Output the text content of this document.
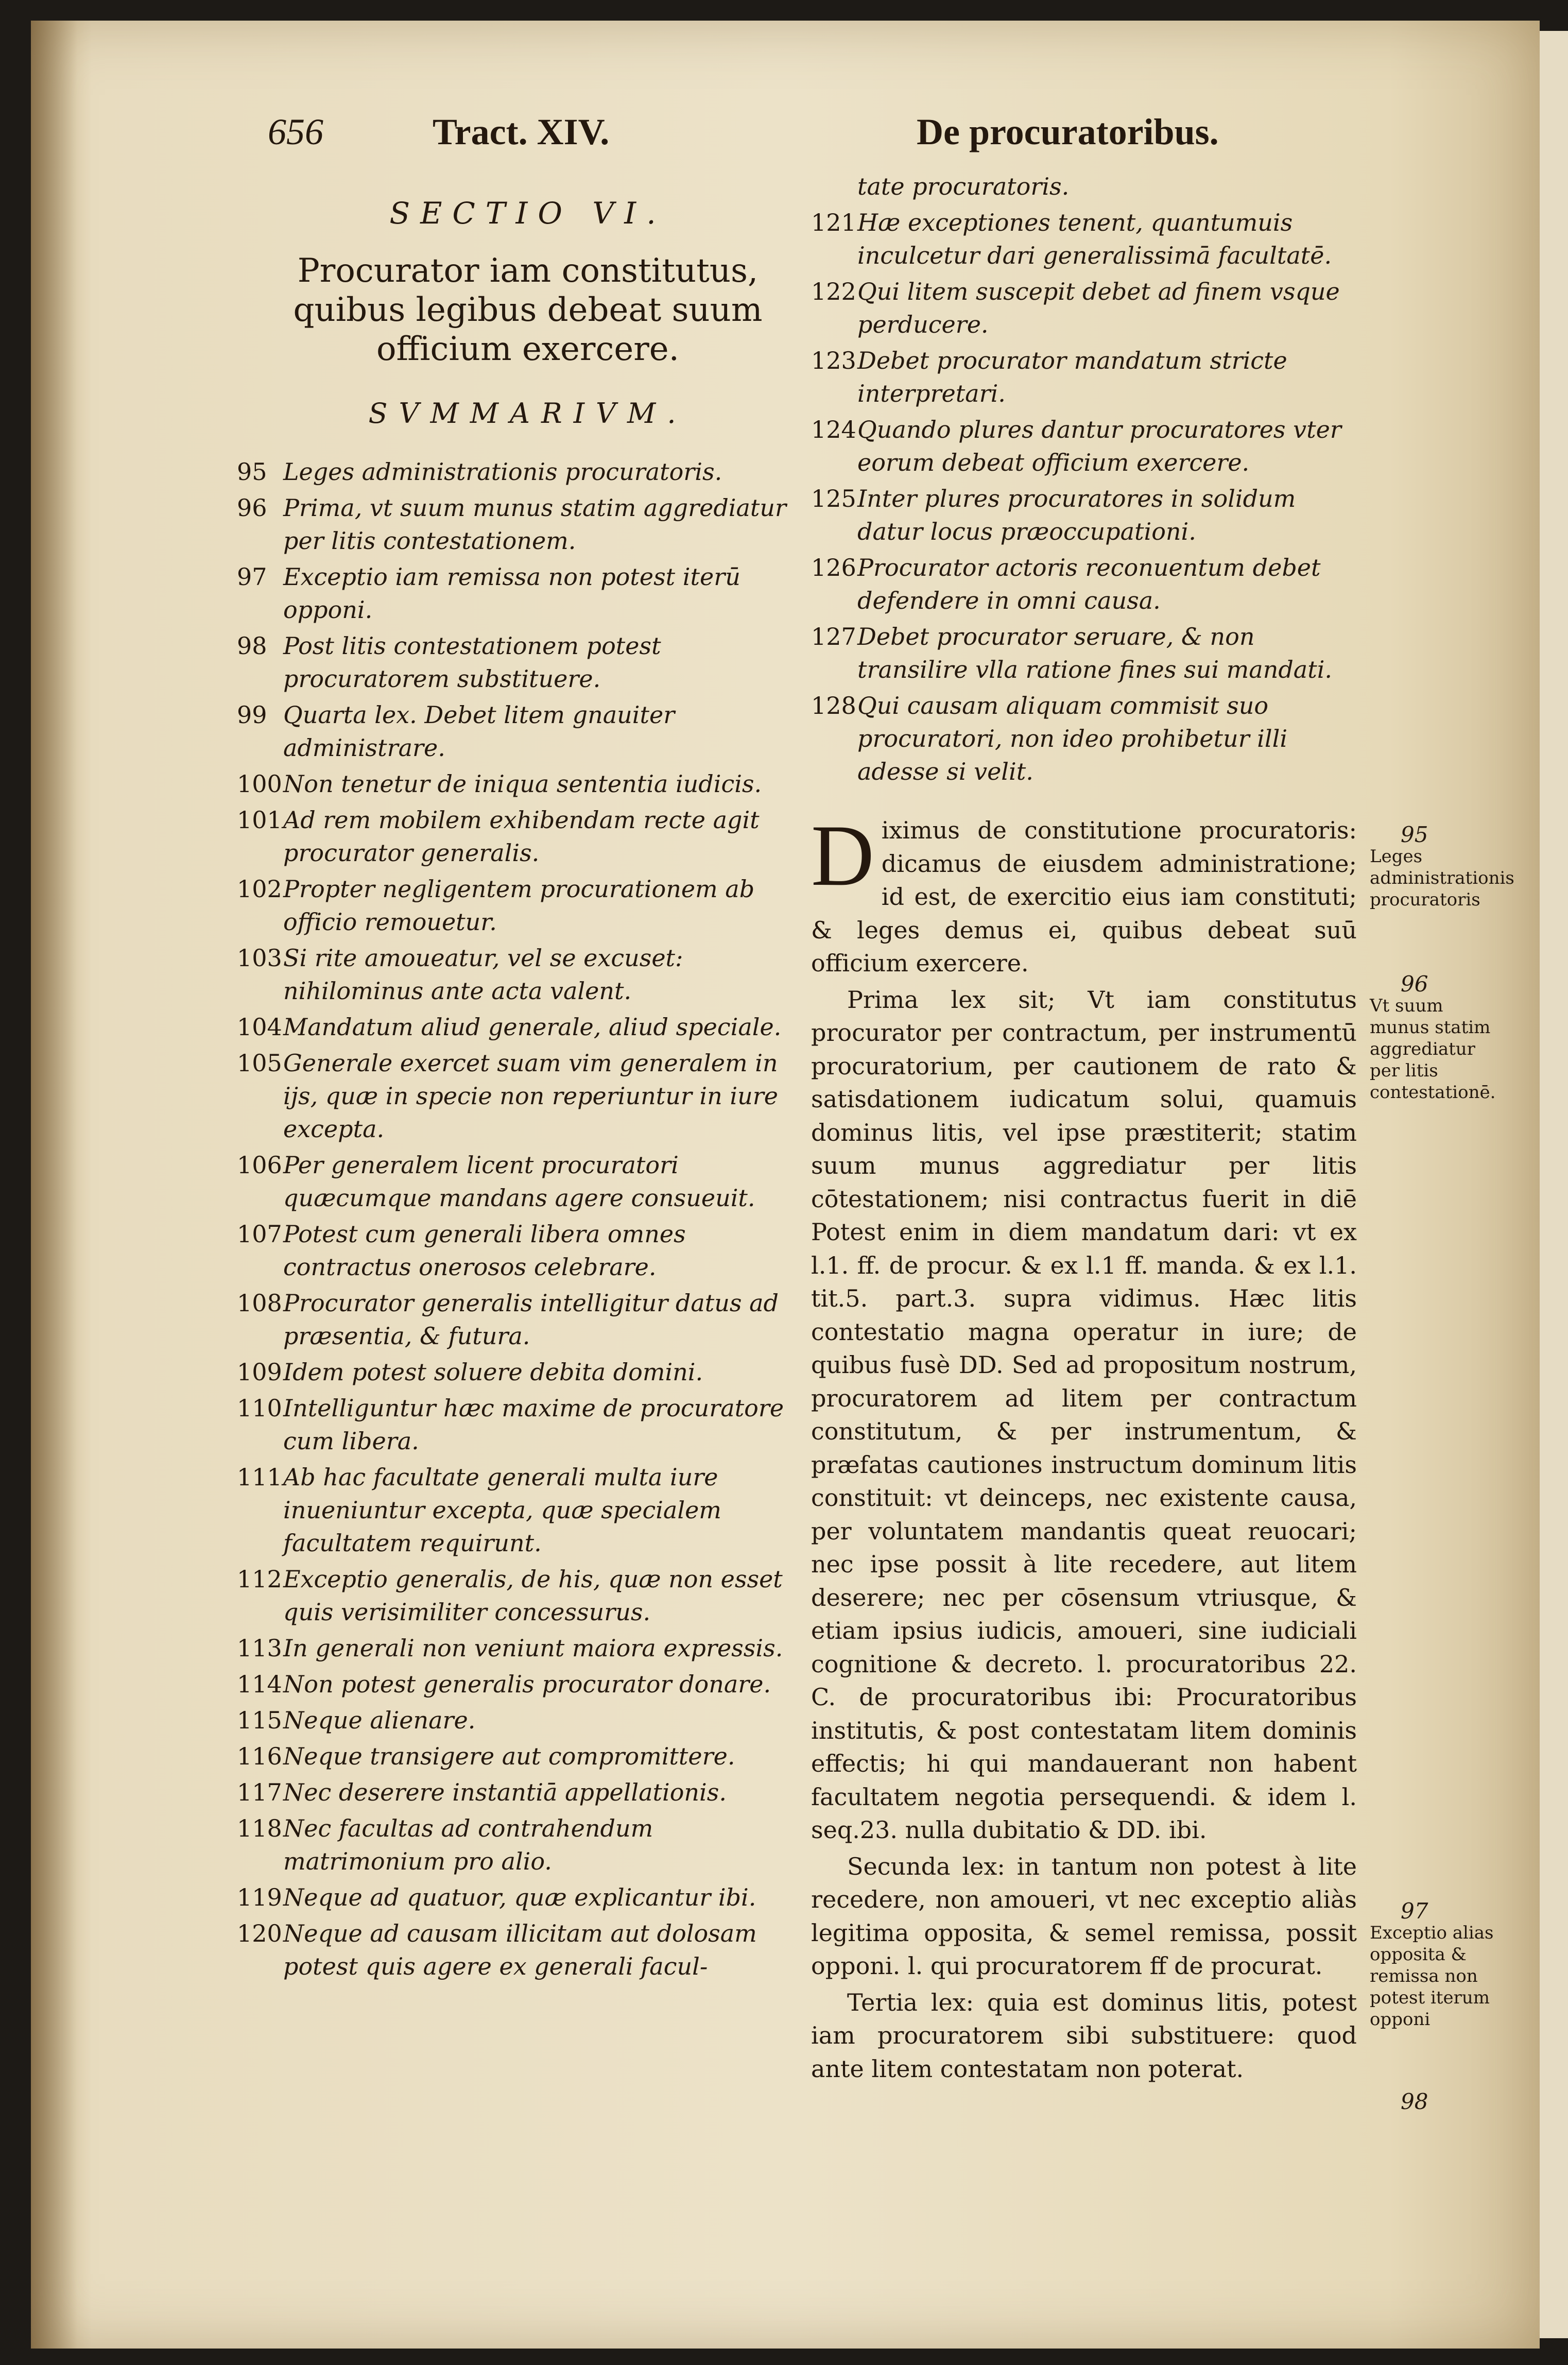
656	Tract. XIV.	De procuratoribus.
SECTIO VI.
Procurator iam constitutus, quibus legibus debeat suum officium exercere.
SVMMARIVM.
95 Leges administrationis procuratoris.
96 Prima, vt suum munus statim aggrediatur per litis contestationem.
97 Exceptio iam remissa non potest iterū opponi.
98 Post litis contestationem potest procuratorem substituere.
99 Quarta lex. Debet litem gnauiter administrare.
100Non tenetur de iniqua sententia iudicis.
101Ad rem mobilem exhibendam recte agit procurator generalis.
102Propter negligentem procurationem ab officio remouetur.
103Si rite amoueatur, vel se excuset: nihilominus ante acta valent.
104Mandatum aliud generale, aliud speciale.
105Generale exercet suam vim generalem in ijs, quæ in specie non reperiuntur in iure excepta.
106Per generalem licent procuratori quæcumque mandans agere consueuit.
107Potest cum generali libera omnes contractus onerosos celebrare.
108Procurator generalis intelligitur datus ad præsentia, & futura.
109Idem potest soluere debita domini.
110Intelliguntur hæc maxime de procuratore cum libera.
111Ab hac facultate generali multa iure inueniuntur excepta, quæ specialem facultatem requirunt.
112Exceptio generalis, de his, quæ non esset quis verisimiliter concessurus.
113In generali non veniunt maiora expressis.
114Non potest generalis procurator donare.
115Neque alienare.
116Neque transigere aut compromittere.
117Nec deserere instantiā appellationis.
118Nec facultas ad contrahendum matrimonium pro alio.
119Neque ad quatuor, quæ explicantur ibi.
120Neque ad causam illicitam aut dolosam potest quis agere ex generali facul-
tate procuratoris.
121Hæ exceptiones tenent, quantumuis inculcetur dari generalissimā facultatē.
122Qui litem suscepit debet ad finem vsque perducere.
123Debet procurator mandatum stricte interpretari.
124Quando plures dantur procuratores vter eorum debeat officium exercere.
125Inter plures procuratores in solidum datur locus præoccupationi.
126Procurator actoris reconuentum debet defendere in omni causa.
127Debet procurator seruare, & non transilire vlla ratione fines sui mandati.
128Qui causam aliquam commisit suo procuratori, non ideo prohibetur illi adesse si velit.

Diximus de constitutione procuratoris: dicamus de eiusdem administratione; id est, de exercitio eius iam constituti; & leges demus ei, quibus debeat suū officium exercere.

Prima lex sit; Vt iam constitutus procurator per contractum, per instrumentū procuratorium, per cautionem de rato & satisdationem iudicatum solui, quamuis dominus litis, vel ipse præstiterit; statim suum munus aggrediatur per litis cōtestationem; nisi contractus fuerit in diē Potest enim in diem mandatum dari: vt ex l.1. ff. de procur. & ex l.1 ff. manda. & ex l.1. tit.5. part.3. supra vidimus. Hæc litis contestatio magna operatur in iure; de quibus fusè DD. Sed ad propositum nostrum, procuratorem ad litem per contractum constitutum, & per instrumentum, & præfatas cautiones instructum dominum litis constituit: vt deinceps, nec existente causa, per voluntatem mandantis queat reuocari; nec ipse possit à lite recedere, aut litem deserere; nec per cōsensum vtriusque, & etiam ipsius iudicis, amoueri, sine iudiciali cognitione & decreto. l. procuratoribus 22. C. de procuratoribus ibi: Procuratoribus institutis, & post contestatam litem dominis effectis; hi qui mandauerant non habent facultatem negotia persequendi. & idem l. seq.23. nulla dubitatio & DD. ibi.

Secunda lex: in tantum non potest à lite recedere, non amoueri, vt nec exceptio aliàs legitima opposita, & semel remissa, possit opponi. l. qui procuratorem ff de procurat.

Tertia lex: quia est dominus litis, potest iam procuratorem sibi substituere: quod ante litem contestatam non poterat.

95
Leges administrationis procuratoris
96
Vt suum munus statim aggrediatur per litis contestationē.
97
Exceptio alias opposita & remissa non potest iterum opponi
98
